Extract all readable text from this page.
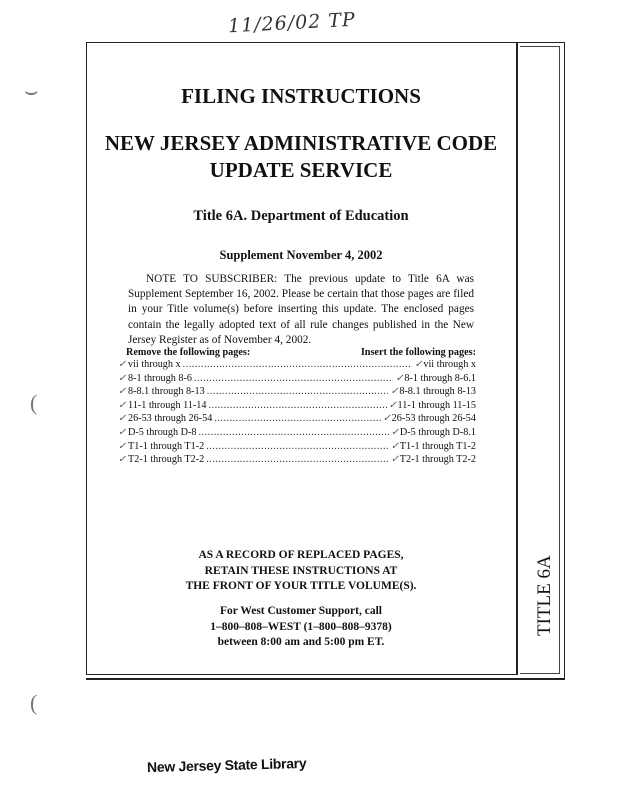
11/26/02 TP
⌣
(
(
TITLE 6A
FILING INSTRUCTIONS
NEW JERSEY ADMINISTRATIVE CODE
UPDATE SERVICE
Title 6A. Department of Education
Supplement November 4, 2002
NOTE TO SUBSCRIBER: The previous update to Title 6A was Supplement September 16, 2002. Please be certain that those pages are filed in your Title volume(s) before inserting this update. The enclosed pages contain the legally adopted text of all rule changes published in the New Jersey Register as of November 4, 2002.
Remove the following pages:	Insert the following pages:
✓ vii through x .....	✓ vii through x
✓ 8-1 through 8-6 .....	✓ 8-1 through 8-6.1
✓ 8-8.1 through 8-13 .....	✓ 8-8.1 through 8-13
✓ 11-1 through 11-14 .....	✓ 11-1 through 11-15
✓ 26-53 through 26-54 .....	✓ 26-53 through 26-54
✓ D-5 through D-8 .....	✓ D-5 through D-8.1
✓ T1-1 through T1-2 .....	✓ T1-1 through T1-2
✓ T2-1 through T2-2 .....	✓ T2-1 through T2-2
AS A RECORD OF REPLACED PAGES,
RETAIN THESE INSTRUCTIONS AT
THE FRONT OF YOUR TITLE VOLUME(S).
For West Customer Support, call
1–800–808–WEST (1–800–808–9378)
between 8:00 am and 5:00 pm ET.
New Jersey State Library
